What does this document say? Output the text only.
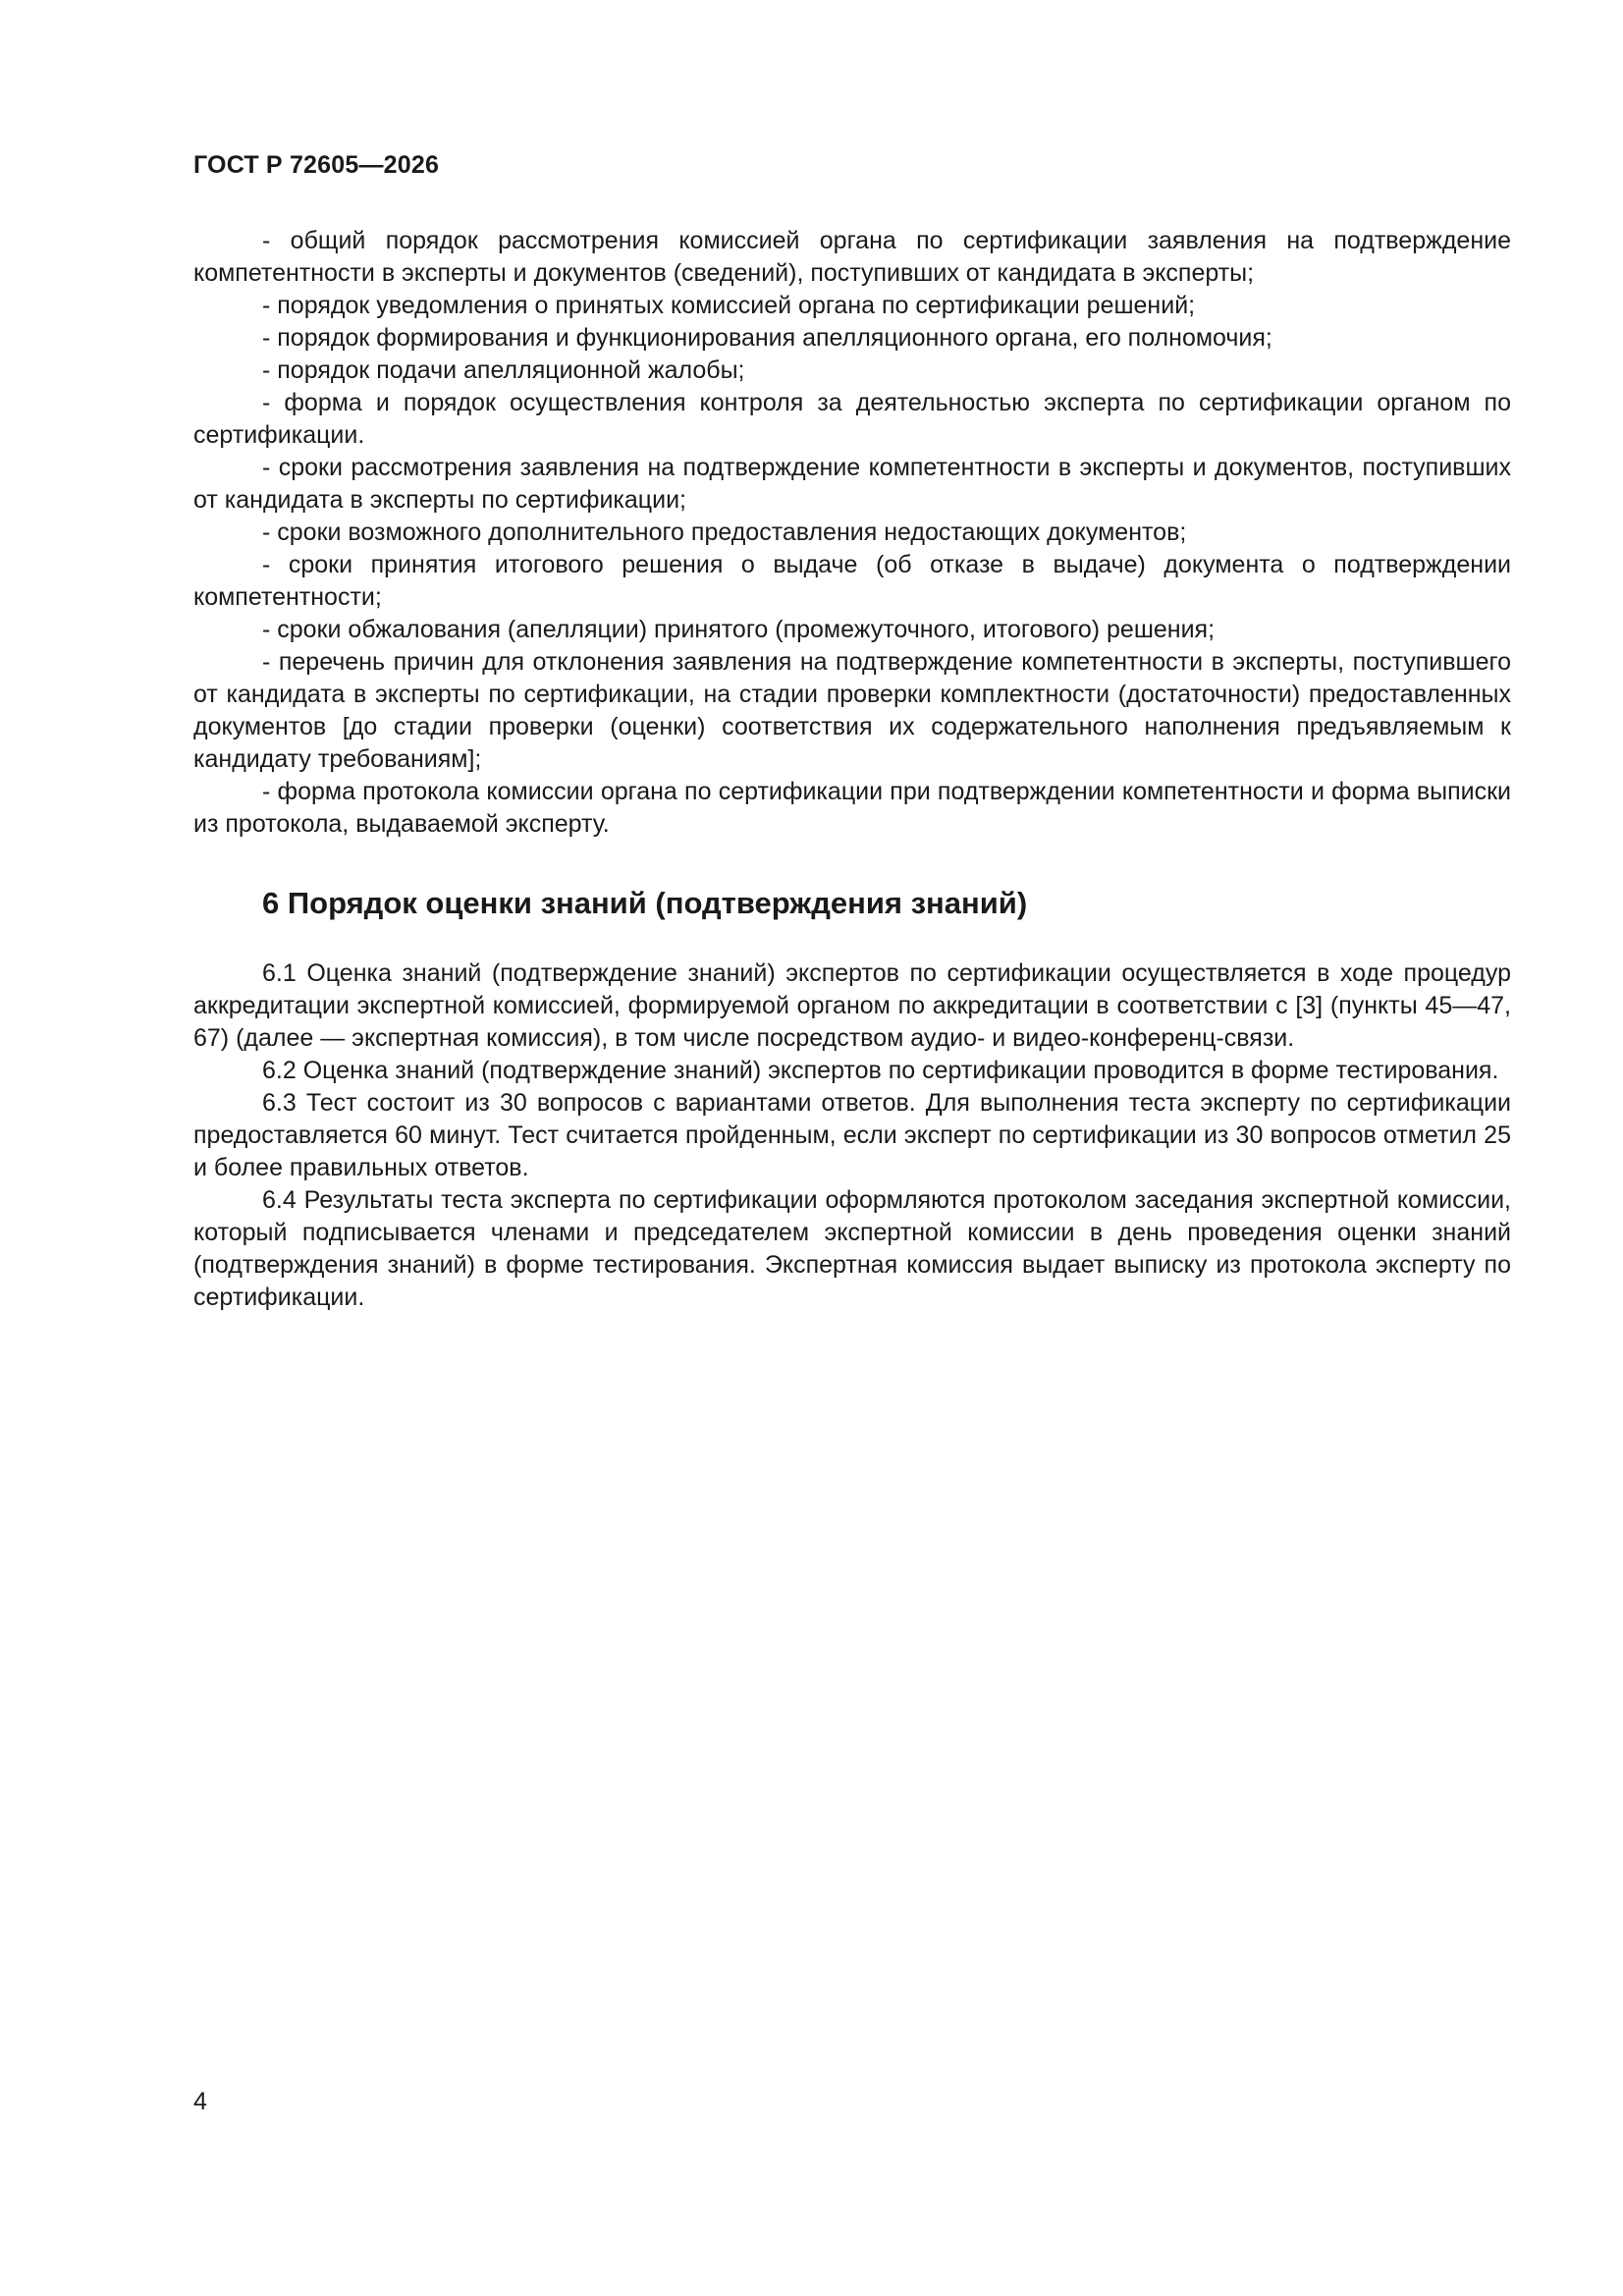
ГОСТ Р 72605—2026

- общий порядок рассмотрения комиссией органа по сертификации заявления на подтверждение компетентности в эксперты и документов (сведений), поступивших от кандидата в эксперты;

- порядок уведомления о принятых комиссией органа по сертификации решений;

- порядок формирования и функционирования апелляционного органа, его полномочия;

- порядок подачи апелляционной жалобы;

- форма и порядок осуществления контроля за деятельностью эксперта по сертификации органом по сертификации.

- сроки рассмотрения заявления на подтверждение компетентности в эксперты и документов, поступивших от кандидата в эксперты по сертификации;

- сроки возможного дополнительного предоставления недостающих документов;

- сроки принятия итогового решения о выдаче (об отказе в выдаче) документа о подтверждении компетентности;

- сроки обжалования (апелляции) принятого (промежуточного, итогового) решения;

- перечень причин для отклонения заявления на подтверждение компетентности в эксперты, поступившего от кандидата в эксперты по сертификации, на стадии проверки комплектности (достаточности) предоставленных документов [до стадии проверки (оценки) соответствия их содержательного наполнения предъявляемым к кандидату требованиям];

- форма протокола комиссии органа по сертификации при подтверждении компетентности и форма выписки из протокола, выдаваемой эксперту.

6 Порядок оценки знаний (подтверждения знаний)

6.1 Оценка знаний (подтверждение знаний) экспертов по сертификации осуществляется в ходе процедур аккредитации экспертной комиссией, формируемой органом по аккредитации в соответствии с [3] (пункты 45—47, 67) (далее — экспертная комиссия), в том числе посредством аудио- и видео-конференц-связи.

6.2 Оценка знаний (подтверждение знаний) экспертов по сертификации проводится в форме тестирования.

6.3 Тест состоит из 30 вопросов с вариантами ответов. Для выполнения теста эксперту по сертификации предоставляется 60 минут. Тест считается пройденным, если эксперт по сертификации из 30 вопросов отметил 25 и более правильных ответов.

6.4 Результаты теста эксперта по сертификации оформляются протоколом заседания экспертной комиссии, который подписывается членами и председателем экспертной комиссии в день проведения оценки знаний (подтверждения знаний) в форме тестирования. Экспертная комиссия выдает выписку из протокола эксперту по сертификации.

4
